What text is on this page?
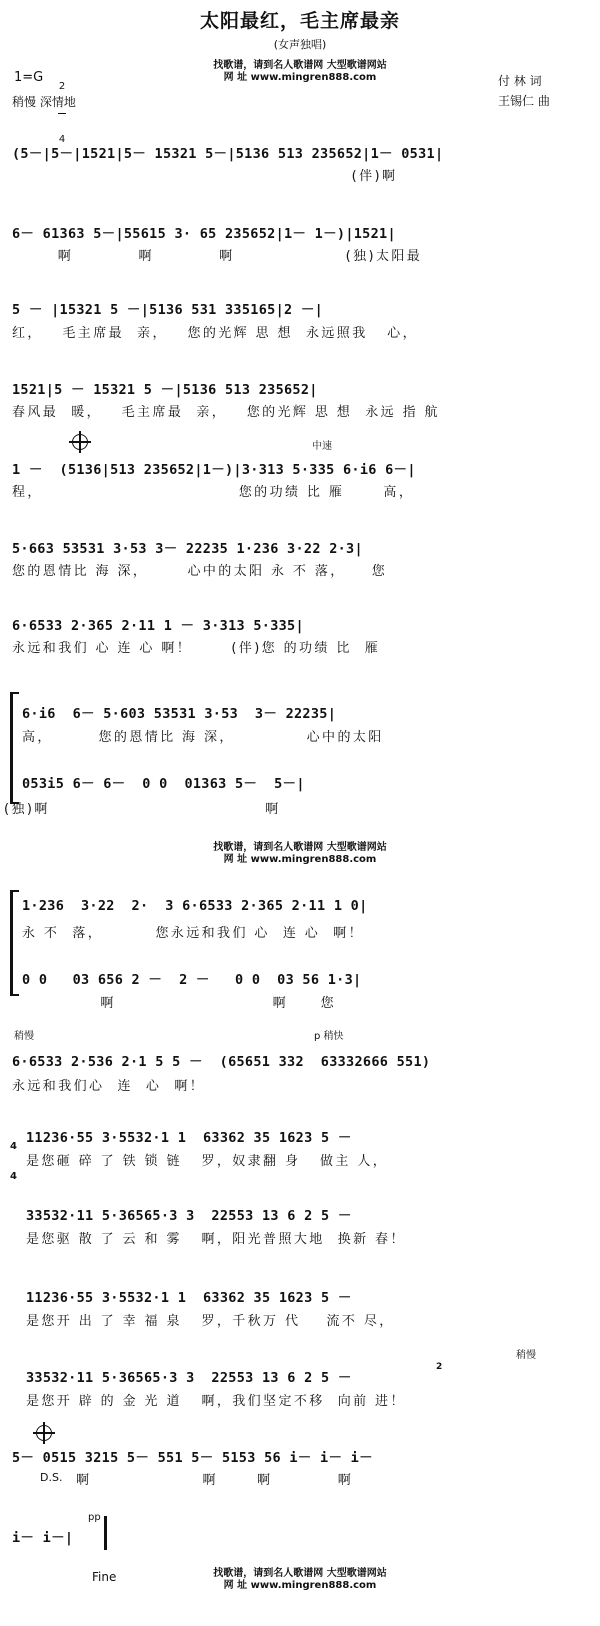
太阳最红，毛主席最亲
(女声独唱)
找歌谱，请到名人歌谱网 大型歌谱网站
网 址 www.mingren888.com
1=G

2

4

稍慢 深情地
付 林 词
王锡仁 曲
(5－|5－|1521|5－ 15321 5－|5136 513 235652|1－ 0531|
(伴)啊
6－ 61363 5－|55615 3· 65 235652|1－ 1－)|1521|
啊          啊          啊                 (独)太阳最
5 － |15321 5 －|5136 531 335165|2 －|
红，   毛主席最  亲，   您的光辉 思 想  永远照我   心，
1521|5 － 15321 5 －|5136 513 235652|
春风最  暖，   毛主席最  亲，   您的光辉 思 想  永远 指 航
中速
1 －  (5136|513 235652|1－)|3·313 5·335 6·i6 6－|
程，                              您的功绩 比 雁      高，
5·663 53531 3·53 3－ 22235 1·236 3·22 2·3|
您的恩情比 海 深，      心中的太阳 永 不 落，    您
6·6533 2·365 2·11 1 － 3·313 5·335|
永远和我们 心 连 心 啊！      (伴)您 的功绩 比  雁
6·i6  6－ 5·603 53531 3·53  3－ 22235|
高，       您的恩情比 海 深，           心中的太阳
053i5 6－ 6－  0 0  01363 5－  5－|
(独)啊                                 啊
找歌谱，请到名人歌谱网 大型歌谱网站
网 址 www.mingren888.com
1·236  3·22  2·  3 6·6533 2·365 2·11 1 0|
永 不  落，        您永远和我们 心  连 心  啊！
0 0   03 656 2 －  2 －   0 0  03 56 1·3|
啊                        啊     您
稍慢	p 稍快
6·6533 2·536 2·1 5 5 －  (65651 332  63332666 551)
永远和我们心  连  心  啊！

4

4

11236·55 3·5532·1 1  63362 35 1623 5 －
是您砸 碎 了 铁 锁 链   罗，奴隶翻 身   做主 人，
33532·11 5·36565·3 3  22553 13 6 2 5 －
是您驱 散 了 云 和 雾   啊，阳光普照大地  换新 春！
11236·55 3·5532·1 1  63362 35 1623 5 －
是您开 出 了 幸 福 泉   罗，千秋万 代    流不 尽，
稍慢
2
33532·11 5·36565·3 3  22553 13 6 2 5 －
是您开 辟 的 金 光 道   啊，我们坚定不移  向前 进！
5－ 0515 3215 5－ 551 5－ 5153 56 i－ i－ i－
D.S. 啊                 啊      啊          啊
pp
i－ i－|
Fine	找歌谱，请到名人歌谱网 大型歌谱网站
网 址 www.mingren888.com
